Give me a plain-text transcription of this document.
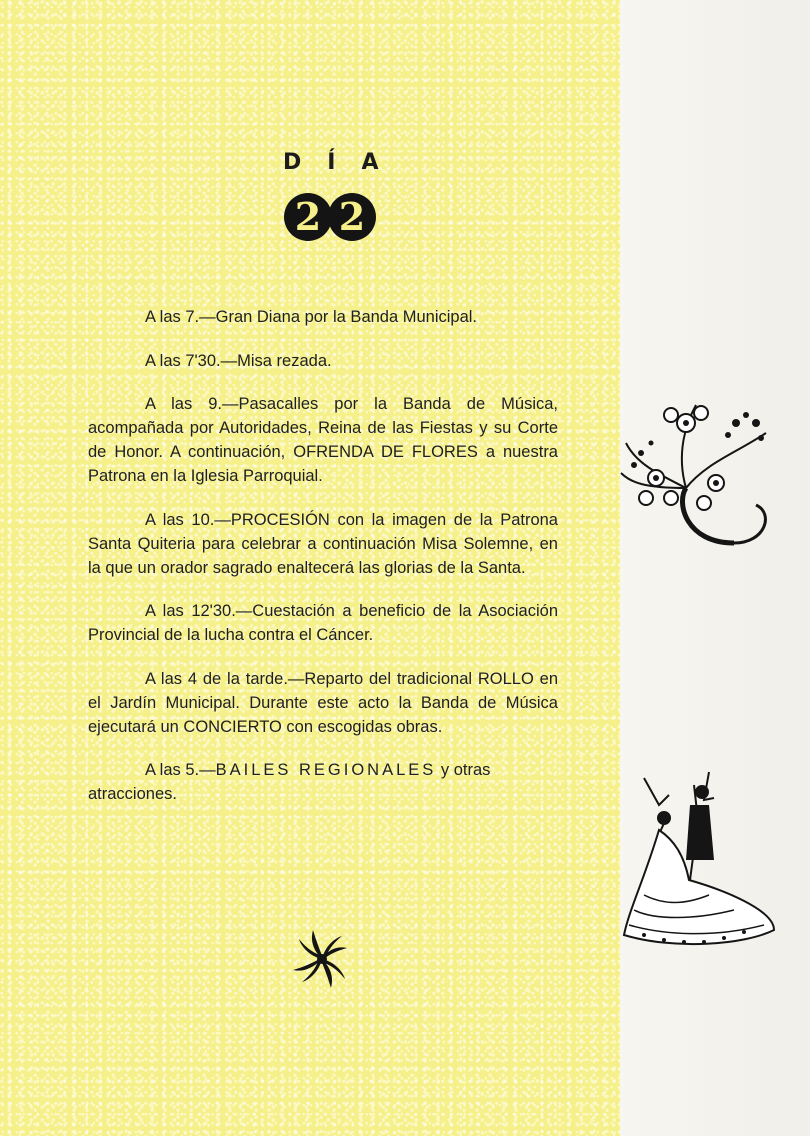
DÍA
2 2

A las 7.—Gran Diana por la Banda Municipal.

A las 7'30.—Misa rezada.

A las 9.—Pasacalles por la Banda de Música, acompañada por Autoridades, Reina de las Fiestas y su Corte de Honor. A continuación, OFRENDA DE FLORES a nuestra Patrona en la Iglesia Parroquial.

A las 10.—PROCESIÓN con la imagen de la Patrona Santa Quiteria para celebrar a continuación Misa Solemne, en la que un orador sagrado enaltecerá las glorias de la Santa.

A las 12'30.—Cuestación a beneficio de la Asociación Provincial de la lucha contra el Cáncer.

A las 4 de la tarde.—Reparto del tradicional ROLLO en el Jardín Municipal. Durante este acto la Banda de Música ejecutará un CONCIERTO con escogidas obras.

A las 5.—BAILES REGIONALES y otras atracciones.
